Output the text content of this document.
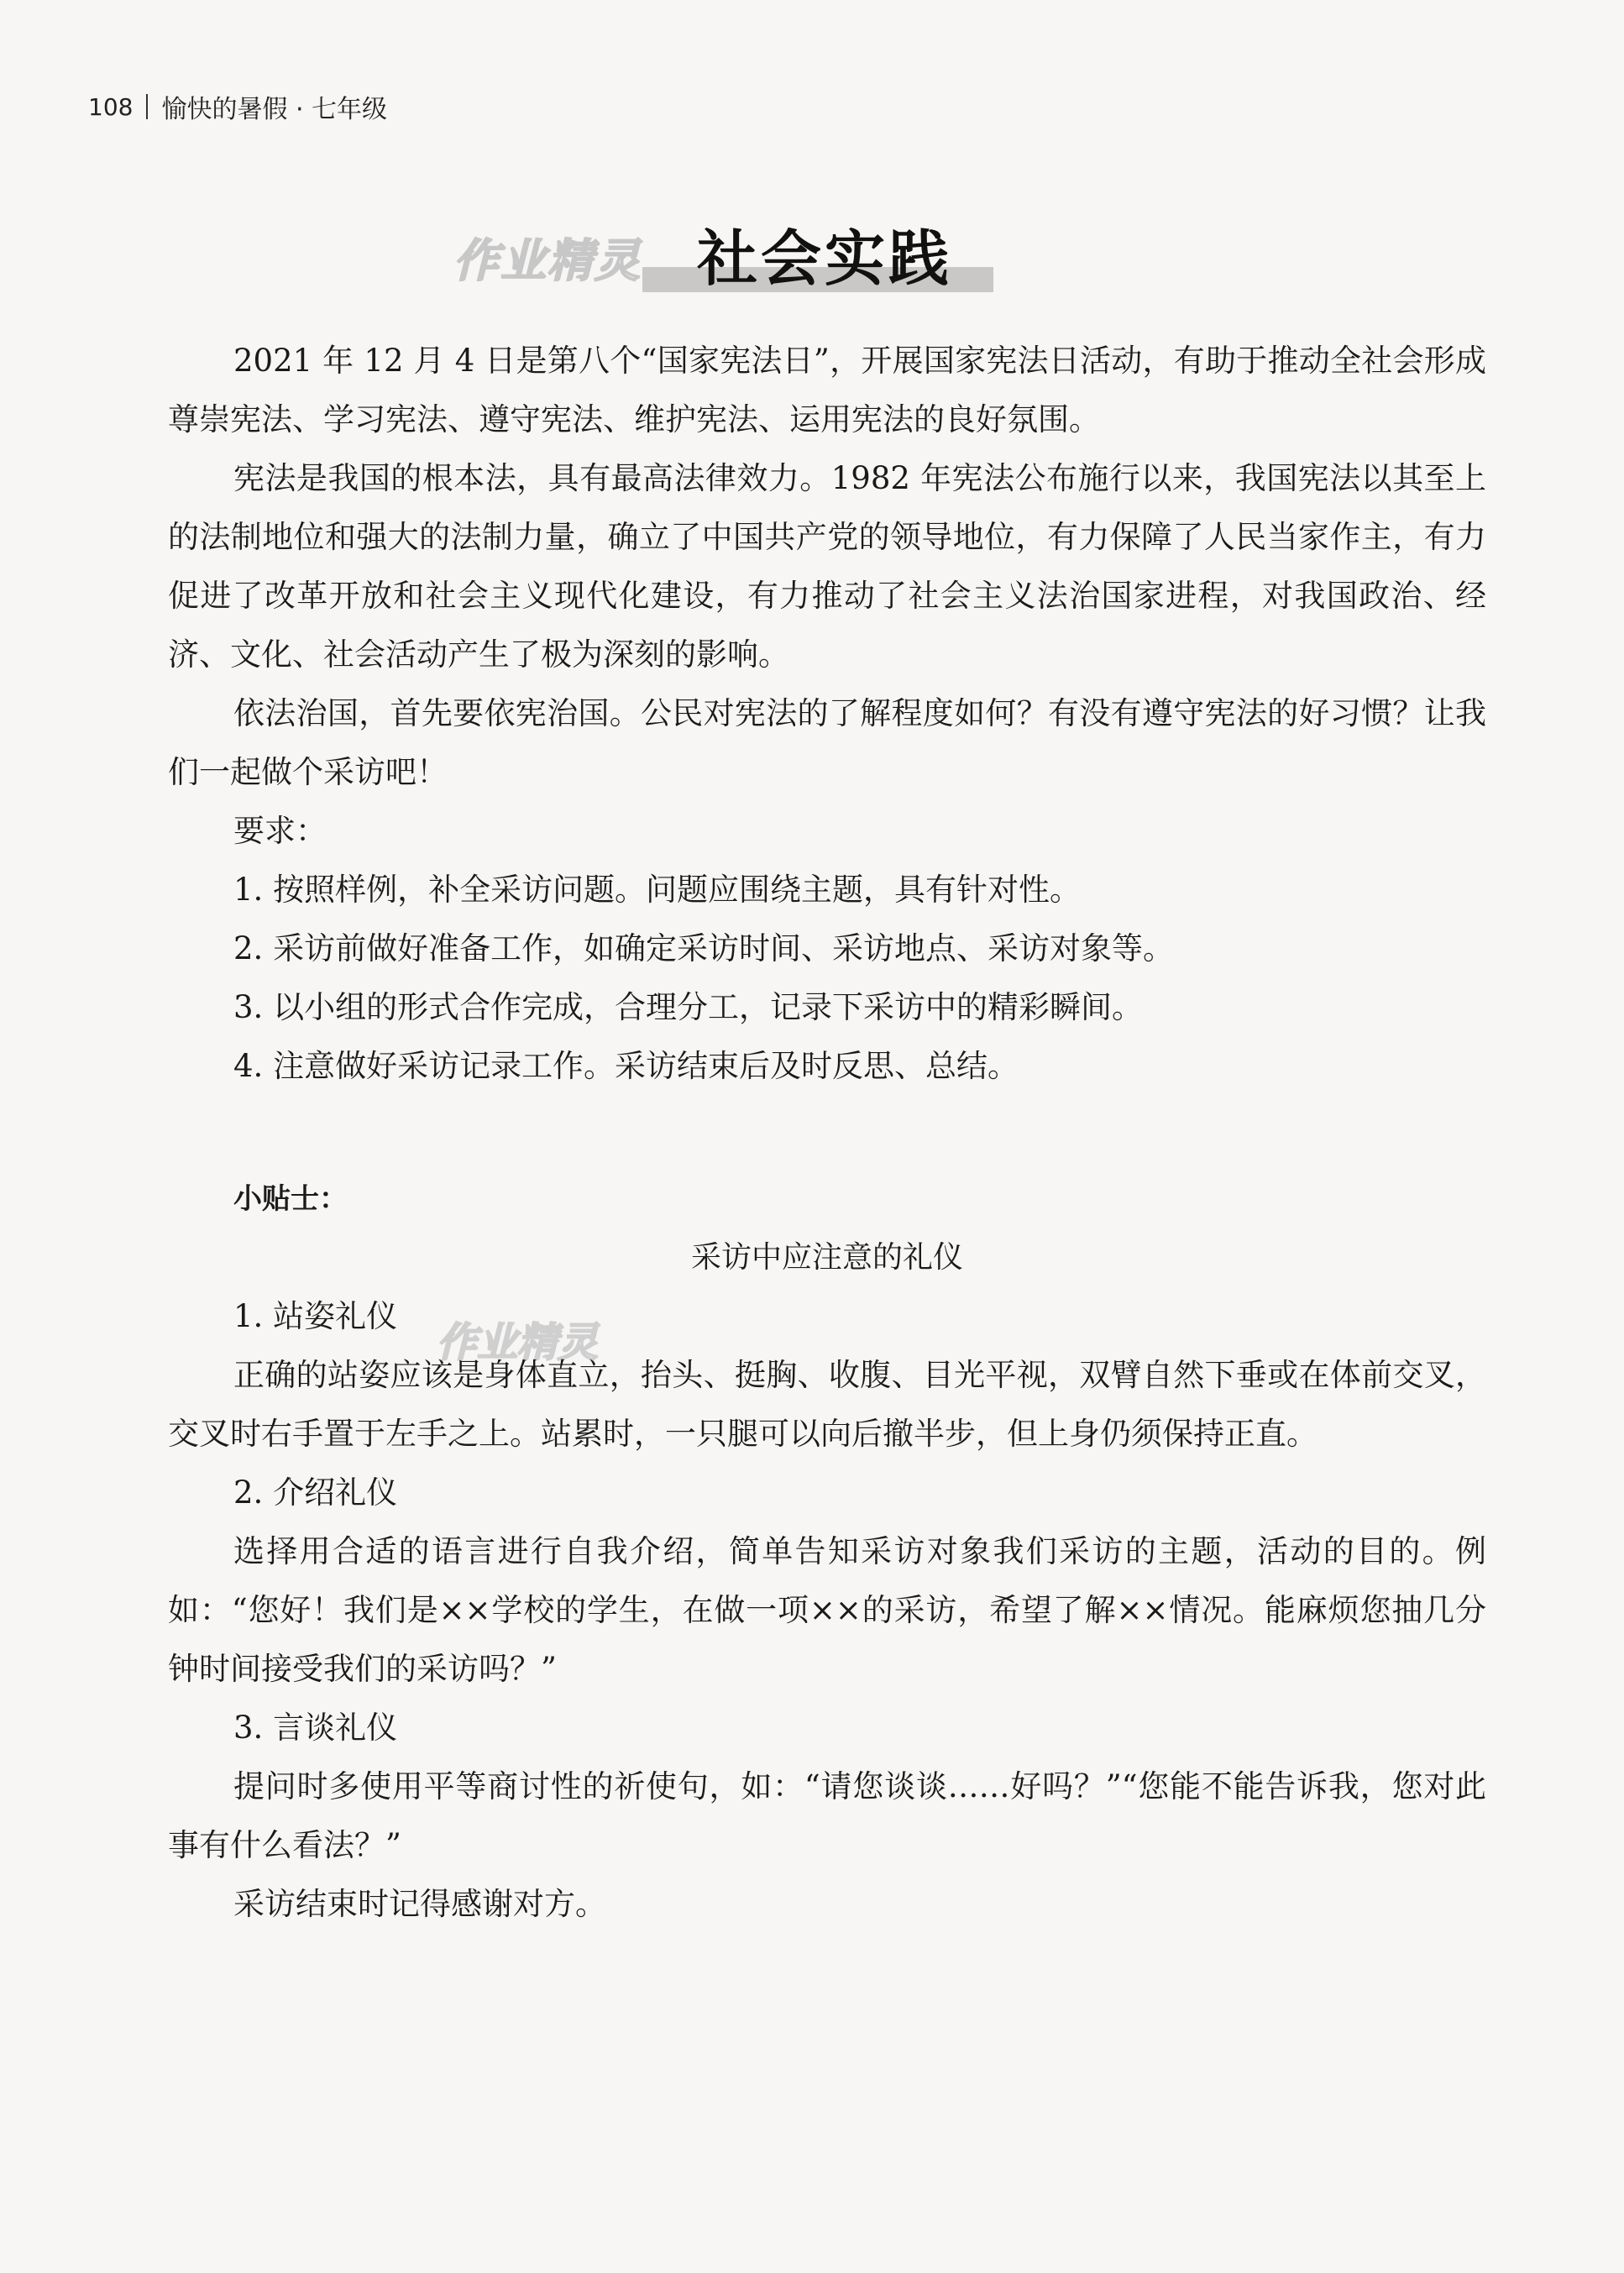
108 愉快的暑假 · 七年级
作业精灵 社会实践
作业精灵

2021 年 12 月 4 日是第八个“国家宪法日”，开展国家宪法日活动，有助于推动全社会形成尊崇宪法、学习宪法、遵守宪法、维护宪法、运用宪法的良好氛围。

宪法是我国的根本法，具有最高法律效力。1982 年宪法公布施行以来，我国宪法以其至上的法制地位和强大的法制力量，确立了中国共产党的领导地位，有力保障了人民当家作主，有力促进了改革开放和社会主义现代化建设，有力推动了社会主义法治国家进程，对我国政治、经济、文化、社会活动产生了极为深刻的影响。

依法治国，首先要依宪治国。公民对宪法的了解程度如何？有没有遵守宪法的好习惯？让我们一起做个采访吧！

要求：

1. 按照样例，补全采访问题。问题应围绕主题，具有针对性。

2. 采访前做好准备工作，如确定采访时间、采访地点、采访对象等。

3. 以小组的形式合作完成，合理分工，记录下采访中的精彩瞬间。

4. 注意做好采访记录工作。采访结束后及时反思、总结。

小贴士：

采访中应注意的礼仪

1. 站姿礼仪

正确的站姿应该是身体直立，抬头、挺胸、收腹、目光平视，双臂自然下垂或在体前交叉，交叉时右手置于左手之上。站累时，一只腿可以向后撤半步，但上身仍须保持正直。

2. 介绍礼仪

选择用合适的语言进行自我介绍，简单告知采访对象我们采访的主题，活动的目的。例如：“您好！我们是××学校的学生，在做一项××的采访，希望了解××情况。能麻烦您抽几分钟时间接受我们的采访吗？”

3. 言谈礼仪

提问时多使用平等商讨性的祈使句，如：“请您谈谈……好吗？”“您能不能告诉我，您对此事有什么看法？”

采访结束时记得感谢对方。
